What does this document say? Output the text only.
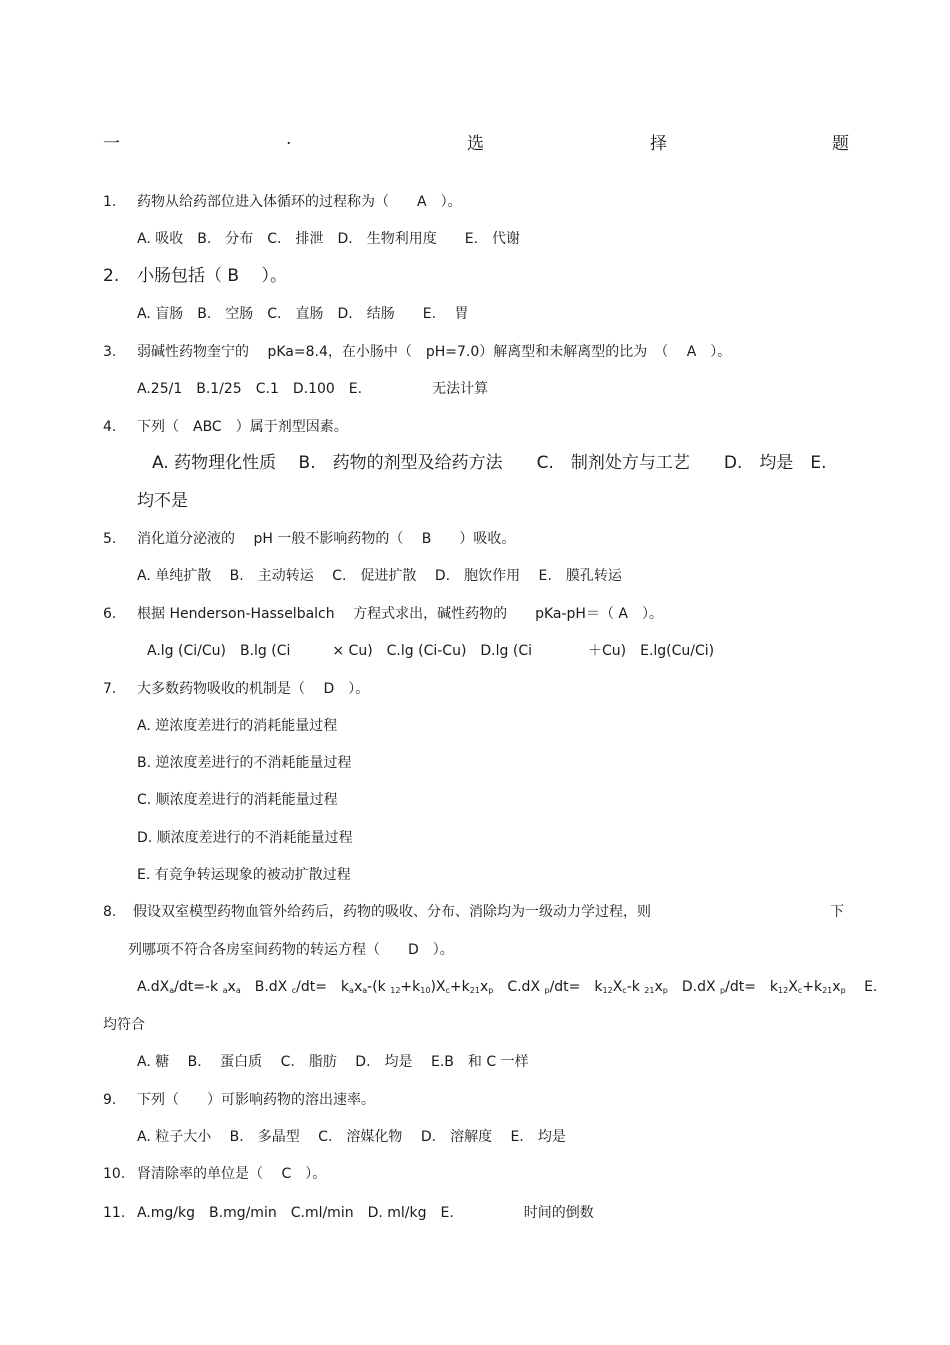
一	.	选	择	题
1. 药物从给药部位进入体循环的过程称为（　　A　）。
A. 吸收　B.　分布　C.　排泄　D.　生物利用度　　E.　代谢
2. 小肠包括（ B　 ）。
A. 盲肠　B.　空肠　C.　直肠　D.　结肠　　E.　 胃
3. 弱碱性药物奎宁的　 pKa=8.4，在小肠中（　pH=7.0）解离型和未解离型的比为　（　 A　）。
A.25/1　B.1/25　C.1　D.100　E.　　　　　无法计算
4. 下列（　ABC　）属于剂型因素。
A. 药物理化性质　 B.　药物的剂型及给药方法　　C.　制剂处方与工艺　　D.　均是　E.
均不是
5. 消化道分泌液的　 pH 一般不影响药物的（　 B　　）吸收。
A. 单纯扩散　 B.　主动转运　 C.　促进扩散　 D.　胞饮作用　 E.　膜孔转运
6. 根据 Henderson-Hasselbalch　 方程式求出，碱性药物的　　pKa-pH＝（ A　）。
A.lg (Ci/Cu)　B.lg (Ci　　　× Cu)　C.lg (Ci-Cu)　D.lg (Ci　　　　＋Cu)　E.lg(Cu/Ci)
7. 大多数药物吸收的机制是（　 D　）。
A. 逆浓度差进行的消耗能量过程
B. 逆浓度差进行的不消耗能量过程
C. 顺浓度差进行的消耗能量过程
D. 顺浓度差进行的不消耗能量过程
E. 有竞争转运现象的被动扩散过程
8. 假设双室模型药物血管外给药后，药物的吸收、分布、消除均为一级动力学过程，则	下
列哪项不符合各房室间药物的转运方程（　　D　）。
$A.dX_a/dt=-k$ $_ax_a$　B.dX $_c$/dt=　$k_ax_a-(k$ $_{12}+k_{10})X_c+k_{21}x_p$　C.dX $_p$/dt=　$k_{12}X_c-k$ $_{21}x_p$　D.dX $_p$/dt=　$k_{12}X_c+k_{21}x_p$　 E.
均符合
A. 糖　 B.　 蛋白质　 C.　脂肪　 D.　均是　 E.B　和 C 一样
9. 下列（　　）可影响药物的溶出速率。
A. 粒子大小　 B.　多晶型　 C.　溶媒化物　 D.　溶解度　 E.　均是
10. 肾清除率的单位是（　 C　）。
11. A.mg/kg　B.mg/min　C.ml/min　D. ml/kg　E.　　　　　时间的倒数
